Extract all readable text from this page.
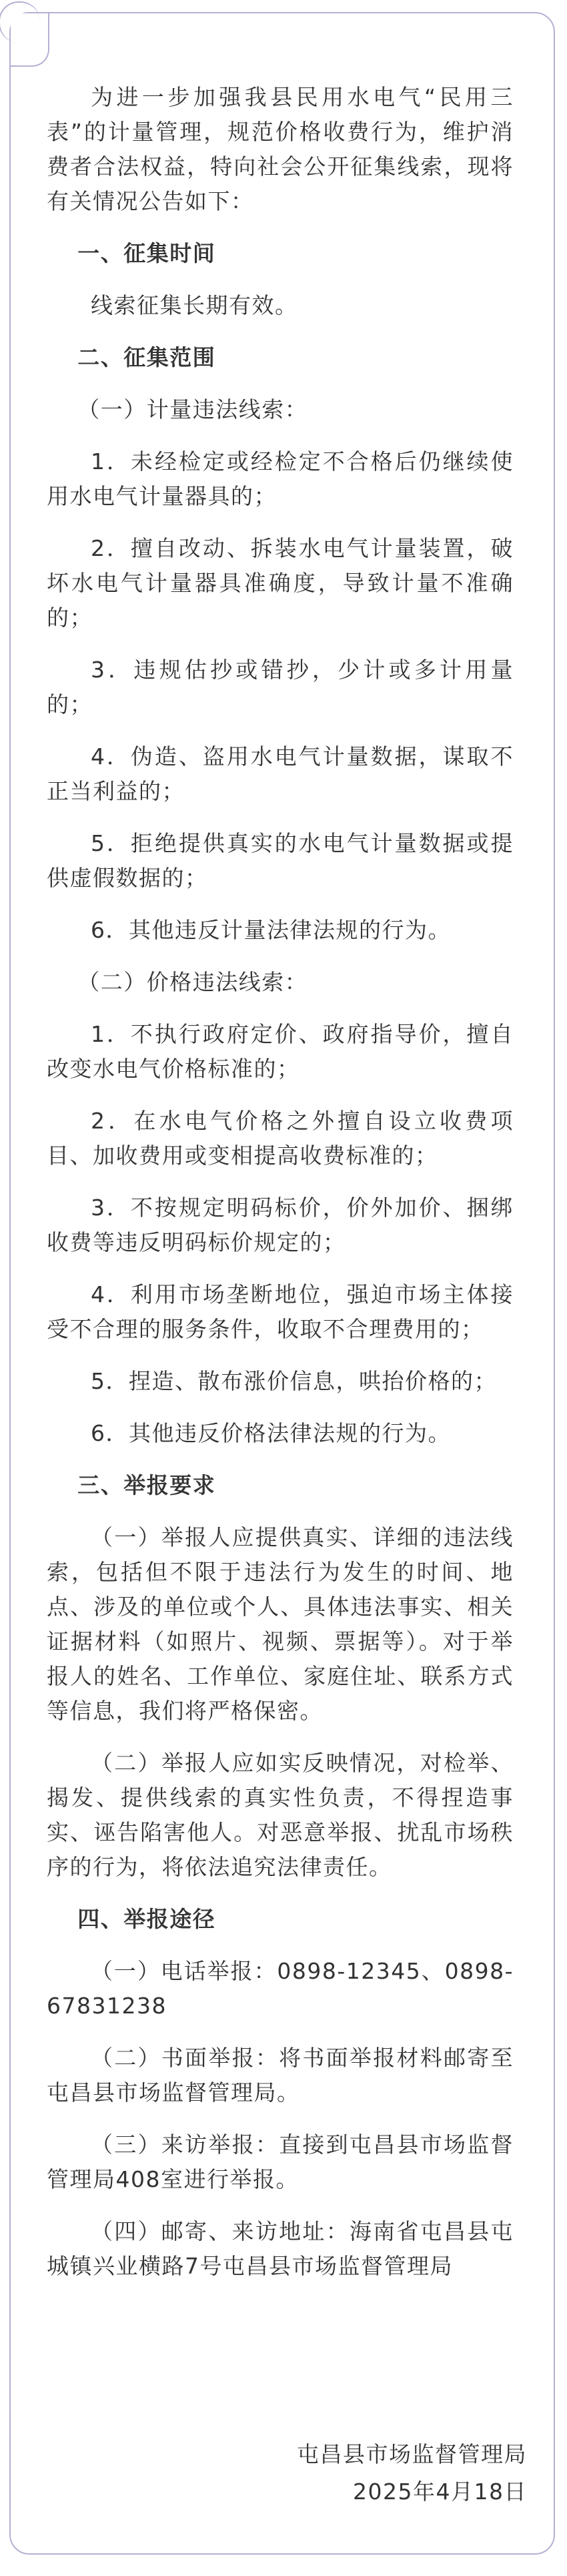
为进一步加强我县民用水电气“民用三表”的计量管理，规范价格收费行为，维护消费者合法权益，特向社会公开征集线索，现将有关情况公告如下：

一、征集时间

线索征集长期有效。

二、征集范围

（一）计量违法线索：

1．未经检定或经检定不合格后仍继续使用水电气计量器具的；

2．擅自改动、拆装水电气计量装置，破坏水电气计量器具准确度，导致计量不准确的；

3．违规估抄或错抄，少计或多计用量的；

4．伪造、盗用水电气计量数据，谋取不正当利益的；

5．拒绝提供真实的水电气计量数据或提供虚假数据的；

6．其他违反计量法律法规的行为。

（二）价格违法线索：

1．不执行政府定价、政府指导价，擅自改变水电气价格标准的；

2．在水电气价格之外擅自设立收费项目、加收费用或变相提高收费标准的；

3．不按规定明码标价，价外加价、捆绑收费等违反明码标价规定的；

4．利用市场垄断地位，强迫市场主体接受不合理的服务条件，收取不合理费用的；

5．捏造、散布涨价信息，哄抬价格的；

6．其他违反价格法律法规的行为。

三、举报要求

（一）举报人应提供真实、详细的违法线索，包括但不限于违法行为发生的时间、地点、涉及的单位或个人、具体违法事实、相关证据材料（如照片、视频、票据等）。对于举报人的姓名、工作单位、家庭住址、联系方式等信息，我们将严格保密。

（二）举报人应如实反映情况，对检举、揭发、提供线索的真实性负责，不得捏造事实、诬告陷害他人。对恶意举报、扰乱市场秩序的行为，将依法追究法律责任。

四、举报途径

（一）电话举报：0898-12345、0898-67831238

（二）书面举报：将书面举报材料邮寄至屯昌县市场监督管理局。

（三）来访举报：直接到屯昌县市场监督管理局408室进行举报。

（四）邮寄、来访地址：海南省屯昌县屯城镇兴业横路7号屯昌县市场监督管理局

屯昌县市场监督管理局

2025年4月18日
